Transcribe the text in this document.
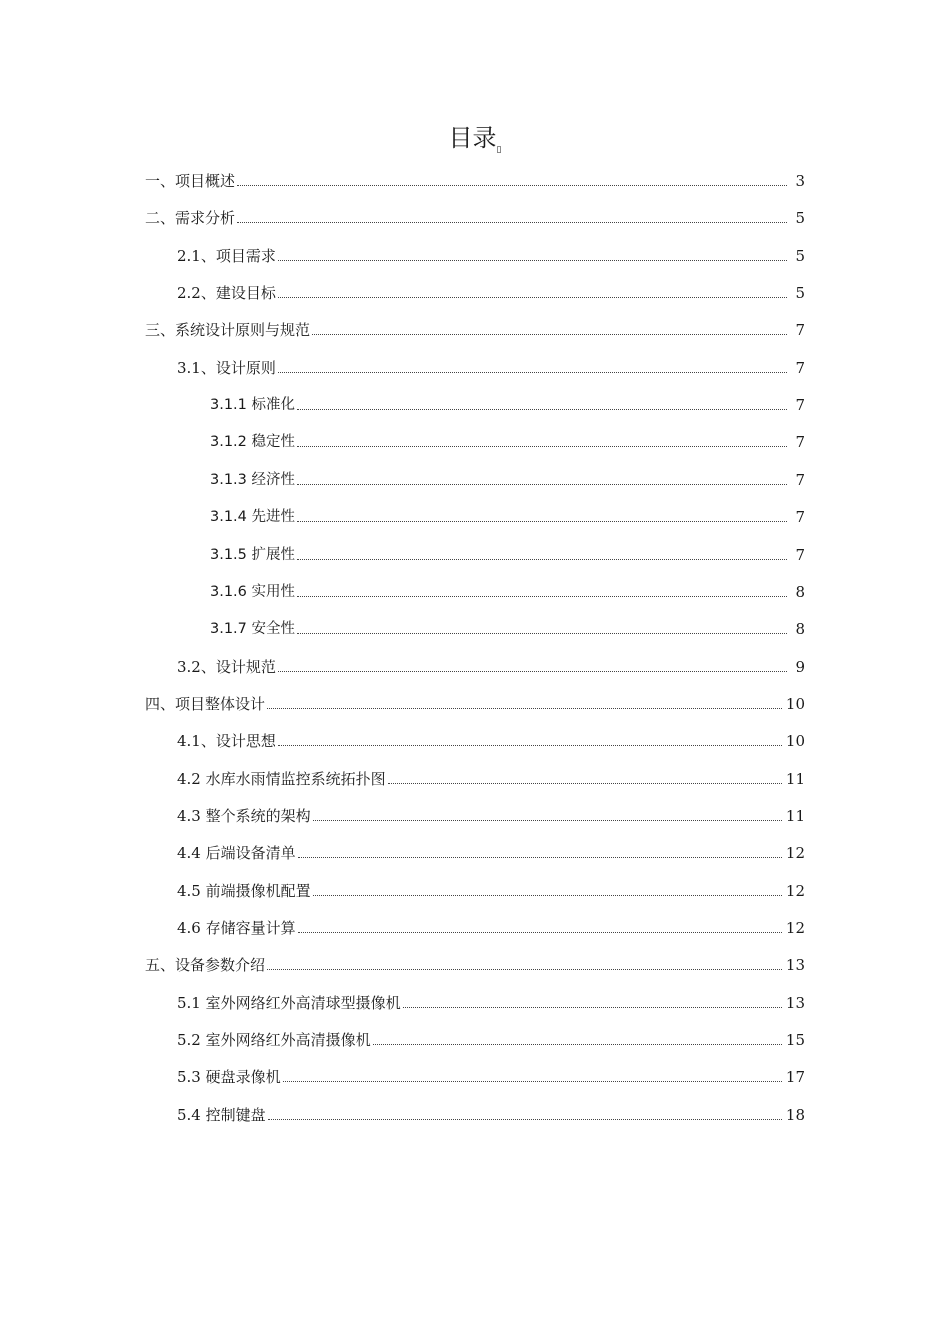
目录$_▯$
一、项目概述	3
二、需求分析	5
2.1、项目需求	5
2.2、建设目标	5
三、系统设计原则与规范	7
3.1、设计原则	7
3.1.1 标准化	7
3.1.2 稳定性	7
3.1.3 经济性	7
3.1.4 先进性	7
3.1.5 扩展性	7
3.1.6 实用性	8
3.1.7 安全性	8
3.2、设计规范	9
四、项目整体设计	10
4.1、设计思想	10
4.2 水库水雨情监控系统拓扑图	11
4.3 整个系统的架构	11
4.4 后端设备清单	12
4.5 前端摄像机配置	12
4.6 存储容量计算	12
五、设备参数介绍	13
5.1 室外网络红外高清球型摄像机	13
5.2 室外网络红外高清摄像机	15
5.3 硬盘录像机	17
5.4 控制键盘	18
